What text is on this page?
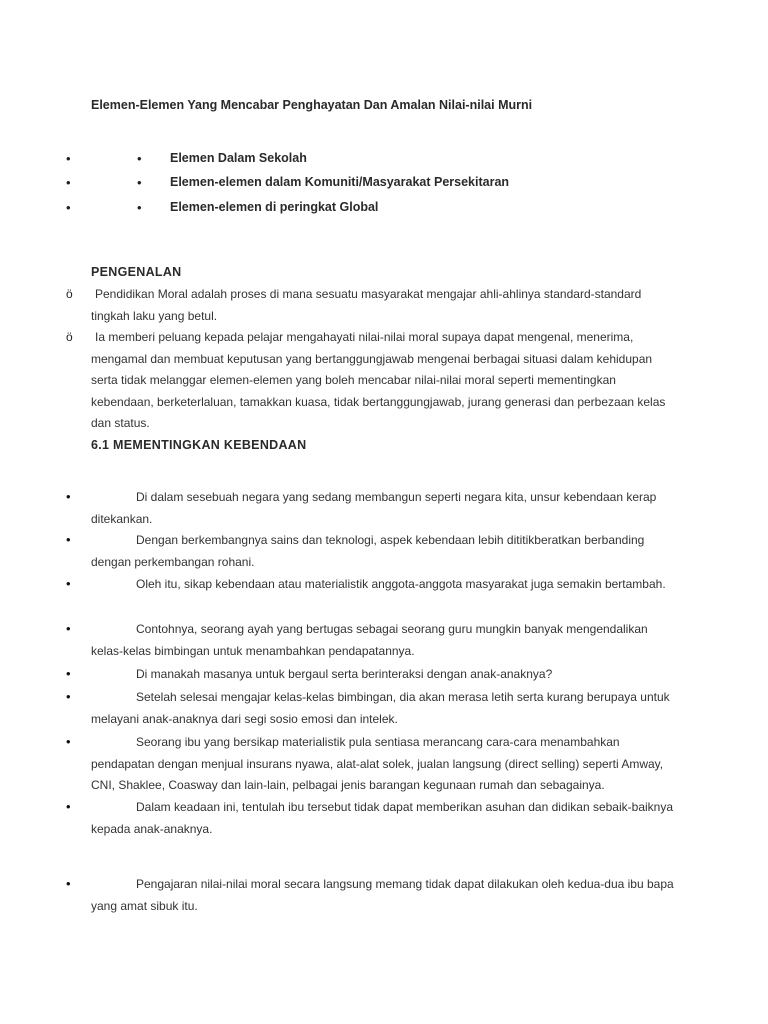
Elemen-Elemen Yang Mencabar Penghayatan Dan Amalan Nilai-nilai Murni
•	• Elemen Dalam Sekolah
•	• Elemen-elemen dalam Komuniti/Masyarakat Persekitaran
•	• Elemen-elemen di peringkat Global
PENGENALAN
ö	Pendidikan Moral adalah proses di mana sesuatu masyarakat mengajar ahli-ahlinya standard-standard tingkah laku yang betul.
ö	Ia memberi peluang kepada pelajar mengahayati nilai-nilai moral supaya dapat mengenal, menerima, mengamal dan membuat keputusan yang bertanggungjawab mengenai berbagai situasi dalam kehidupan serta tidak melanggar elemen-elemen yang boleh mencabar nilai-nilai moral seperti mementingkan kebendaan, berketerlaluan, tamakkan kuasa, tidak bertanggungjawab, jurang generasi dan perbezaan kelas dan status.
6.1 MEMENTINGKAN KEBENDAAN
•	Di dalam sesebuah negara yang sedang membangun seperti negara kita, unsur kebendaan kerap ditekankan.
•	Dengan berkembangnya sains dan teknologi, aspek kebendaan lebih dititikberatkan berbanding dengan perkembangan rohani.
•	Oleh itu, sikap kebendaan atau materialistik anggota-anggota masyarakat juga semakin bertambah.
•	Contohnya, seorang ayah yang bertugas sebagai seorang guru mungkin banyak mengendalikan kelas-kelas bimbingan untuk menambahkan pendapatannya.
•	Di manakah masanya untuk bergaul serta berinteraksi dengan anak-anaknya?
•	Setelah selesai mengajar kelas-kelas bimbingan, dia akan merasa letih serta kurang berupaya untuk melayani anak-anaknya dari segi sosio emosi dan intelek.
•	Seorang ibu yang bersikap materialistik pula sentiasa merancang cara-cara menambahkan pendapatan dengan menjual insurans nyawa, alat-alat solek, jualan langsung (direct selling) seperti Amway, CNI, Shaklee, Coasway dan lain-lain, pelbagai jenis barangan kegunaan rumah dan sebagainya.
•	Dalam keadaan ini, tentulah ibu tersebut tidak dapat memberikan asuhan dan didikan sebaik-baiknya kepada anak-anaknya.
•	Pengajaran nilai-nilai moral secara langsung memang tidak dapat dilakukan oleh kedua-dua ibu bapa yang amat sibuk itu.
